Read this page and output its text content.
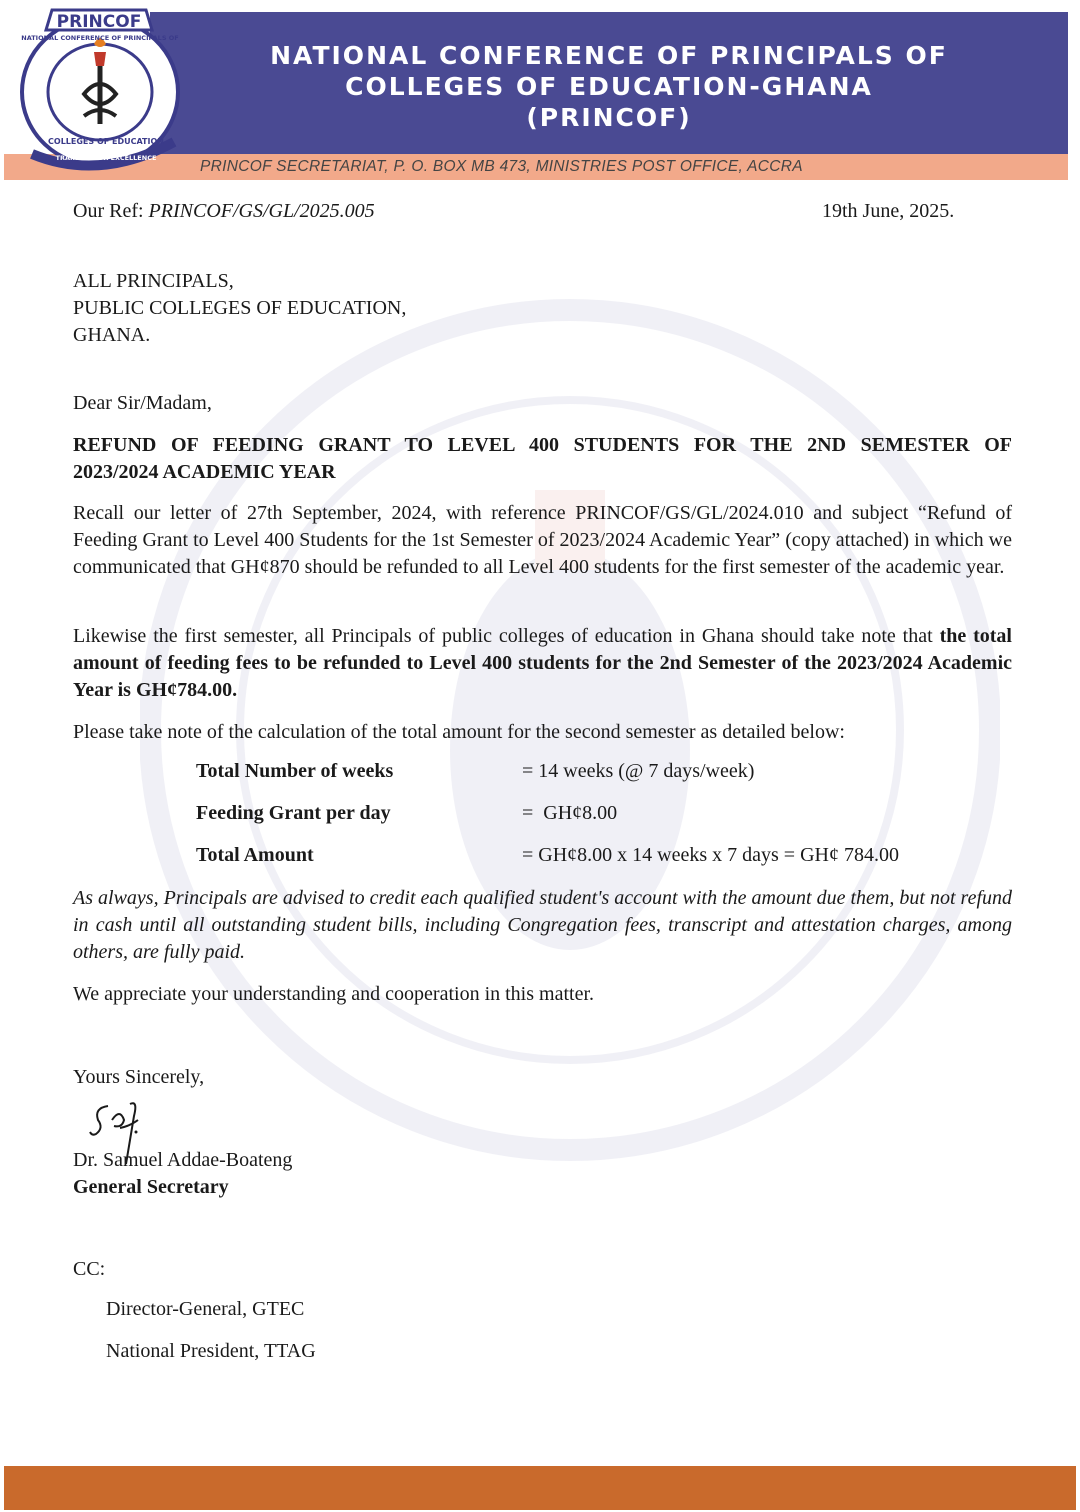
NATIONAL CONFERENCE OF PRINCIPALS OF
COLLEGES OF EDUCATION-GHANA
(PRINCOF)
PRINCOF SECRETARIAT, P. O. BOX MB 473, MINISTRIES POST OFFICE, ACCRA
PRINCOF
NATIONAL CONFERENCE OF PRINCIPALS OF
COLLEGES OF EDUCATION
TRAINING FOR EXCELLENCE
Our Ref: PRINCOF/GS/GL/2025.005	19th June, 2025.
ALL PRINCIPALS,
PUBLIC COLLEGES OF EDUCATION,
GHANA.
Dear Sir/Madam,
REFUND OF FEEDING GRANT TO LEVEL 400 STUDENTS FOR THE 2ND SEMESTER OF
2023/2024 ACADEMIC YEAR
Recall our letter of 27th September, 2024, with reference PRINCOF/GS/GL/2024.010 and subject “Refund of Feeding Grant to Level 400 Students for the 1st Semester of 2023/2024 Academic Year” (copy attached) in which we communicated that GH¢870 should be refunded to all Level 400 students for the first semester of the academic year.
Likewise the first semester, all Principals of public colleges of education in Ghana should take note that the total amount of feeding fees to be refunded to Level 400 students for the 2nd Semester of the 2023/2024 Academic Year is GH¢784.00.
Please take note of the calculation of the total amount for the second semester as detailed below:
Total Number of weeks	= 14 weeks (@ 7 days/week)
Feeding Grant per day	=  GH¢8.00
Total Amount	= GH¢8.00 x 14 weeks x 7 days = GH¢ 784.00
As always, Principals are advised to credit each qualified student's account with the amount due them, but not refund in cash until all outstanding student bills, including Congregation fees, transcript and attestation charges, among others, are fully paid.
We appreciate your understanding and cooperation in this matter.
Yours Sincerely,
Dr. Samuel Addae-Boateng
General Secretary
CC:
Director-General, GTEC
National President, TTAG
